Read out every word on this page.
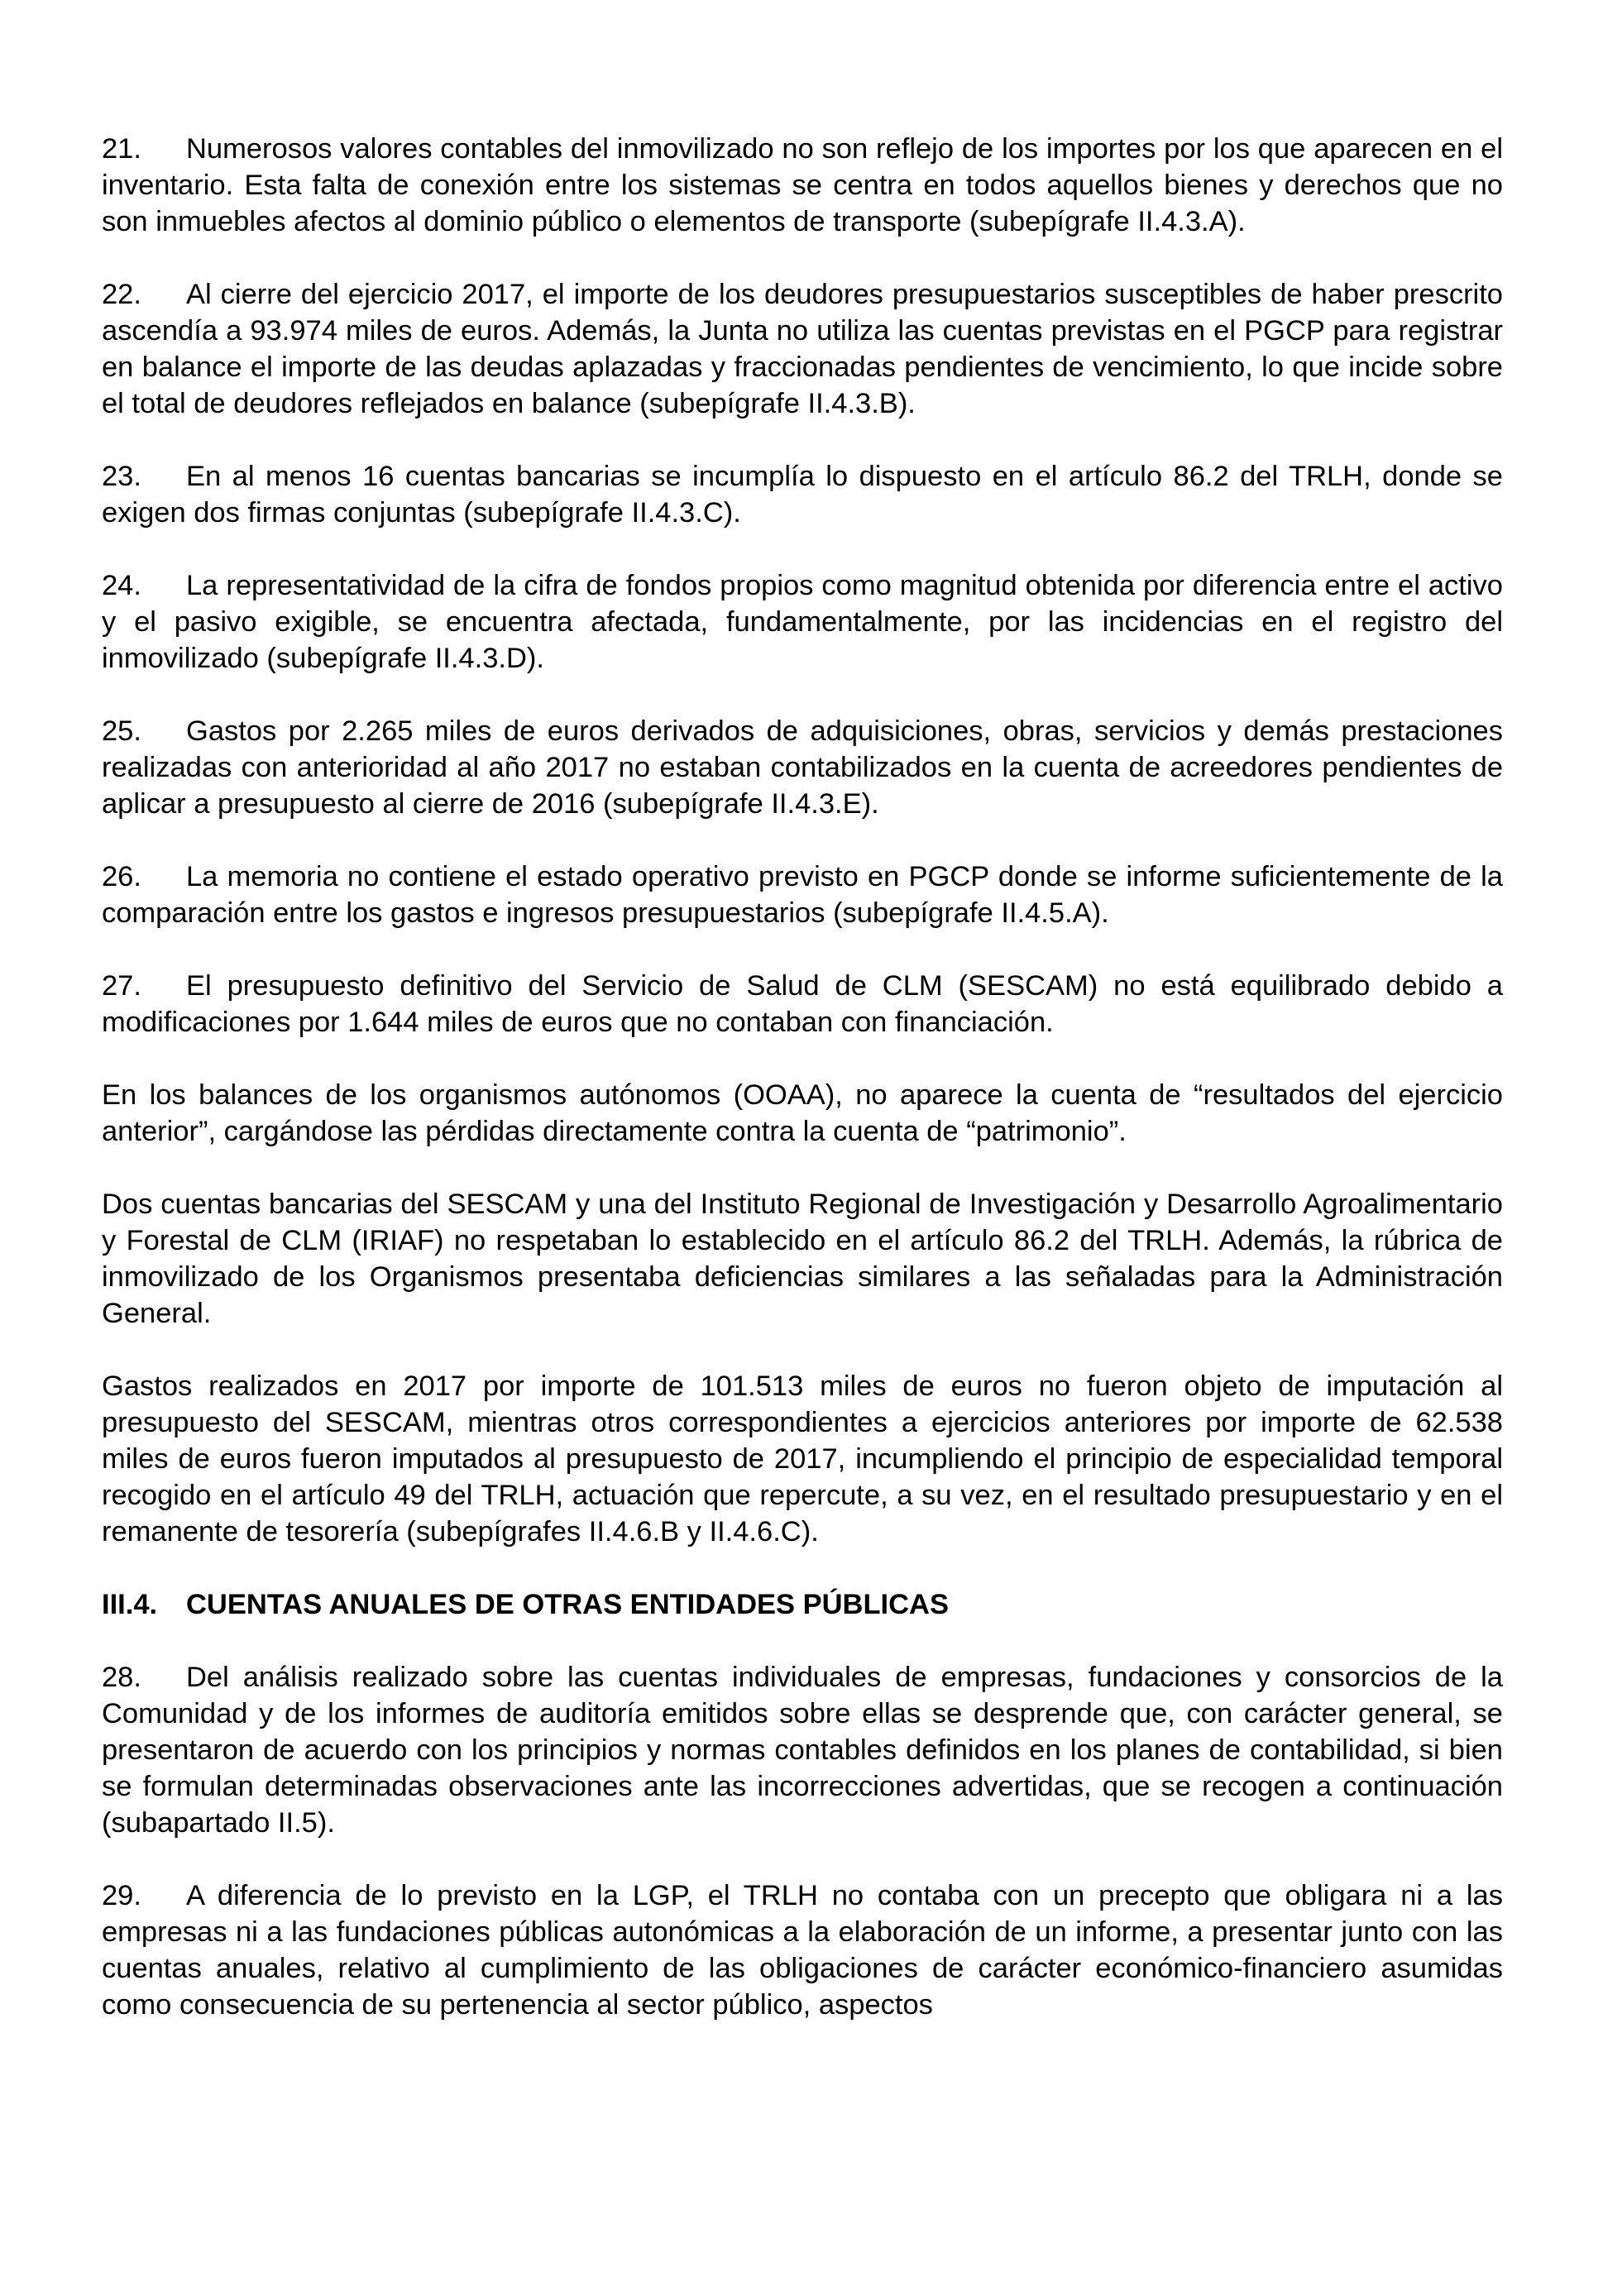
21. Numerosos valores contables del inmovilizado no son reflejo de los importes por los que aparecen en el inventario. Esta falta de conexión entre los sistemas se centra en todos aquellos bienes y derechos que no son inmuebles afectos al dominio público o elementos de transporte (subepígrafe II.4.3.A).

22. Al cierre del ejercicio 2017, el importe de los deudores presupuestarios susceptibles de haber prescrito ascendía a 93.974 miles de euros. Además, la Junta no utiliza las cuentas previstas en el PGCP para registrar en balance el importe de las deudas aplazadas y fraccionadas pendientes de vencimiento, lo que incide sobre el total de deudores reflejados en balance (subepígrafe II.4.3.B).

23. En al menos 16 cuentas bancarias se incumplía lo dispuesto en el artículo 86.2 del TRLH, donde se exigen dos firmas conjuntas (subepígrafe II.4.3.C).

24. La representatividad de la cifra de fondos propios como magnitud obtenida por diferencia entre el activo y el pasivo exigible, se encuentra afectada, fundamentalmente, por las incidencias en el registro del inmovilizado (subepígrafe II.4.3.D).

25. Gastos por 2.265 miles de euros derivados de adquisiciones, obras, servicios y demás prestaciones realizadas con anterioridad al año 2017 no estaban contabilizados en la cuenta de acreedores pendientes de aplicar a presupuesto al cierre de 2016 (subepígrafe II.4.3.E).

26. La memoria no contiene el estado operativo previsto en PGCP donde se informe suficientemente de la comparación entre los gastos e ingresos presupuestarios (subepígrafe II.4.5.A).

27. El presupuesto definitivo del Servicio de Salud de CLM (SESCAM) no está equilibrado debido a modificaciones por 1.644 miles de euros que no contaban con financiación.

En los balances de los organismos autónomos (OOAA), no aparece la cuenta de “resultados del ejercicio anterior”, cargándose las pérdidas directamente contra la cuenta de “patrimonio”.

Dos cuentas bancarias del SESCAM y una del Instituto Regional de Investigación y Desarrollo Agroalimentario y Forestal de CLM (IRIAF) no respetaban lo establecido en el artículo 86.2 del TRLH. Además, la rúbrica de inmovilizado de los Organismos presentaba deficiencias similares a las señaladas para la Administración General.

Gastos realizados en 2017 por importe de 101.513 miles de euros no fueron objeto de imputación al presupuesto del SESCAM, mientras otros correspondientes a ejercicios anteriores por importe de 62.538 miles de euros fueron imputados al presupuesto de 2017, incumpliendo el principio de especialidad temporal recogido en el artículo 49 del TRLH, actuación que repercute, a su vez, en el resultado presupuestario y en el remanente de tesorería (subepígrafes II.4.6.B y II.4.6.C).

III.4. CUENTAS ANUALES DE OTRAS ENTIDADES PÚBLICAS

28. Del análisis realizado sobre las cuentas individuales de empresas, fundaciones y consorcios de la Comunidad y de los informes de auditoría emitidos sobre ellas se desprende que, con carácter general, se presentaron de acuerdo con los principios y normas contables definidos en los planes de contabilidad, si bien se formulan determinadas observaciones ante las incorrecciones advertidas, que se recogen a continuación (subapartado II.5).

29. A diferencia de lo previsto en la LGP, el TRLH no contaba con un precepto que obligara ni a las empresas ni a las fundaciones públicas autonómicas a la elaboración de un informe, a presentar junto con las cuentas anuales, relativo al cumplimiento de las obligaciones de carácter económico-financiero asumidas como consecuencia de su pertenencia al sector público, aspectos
